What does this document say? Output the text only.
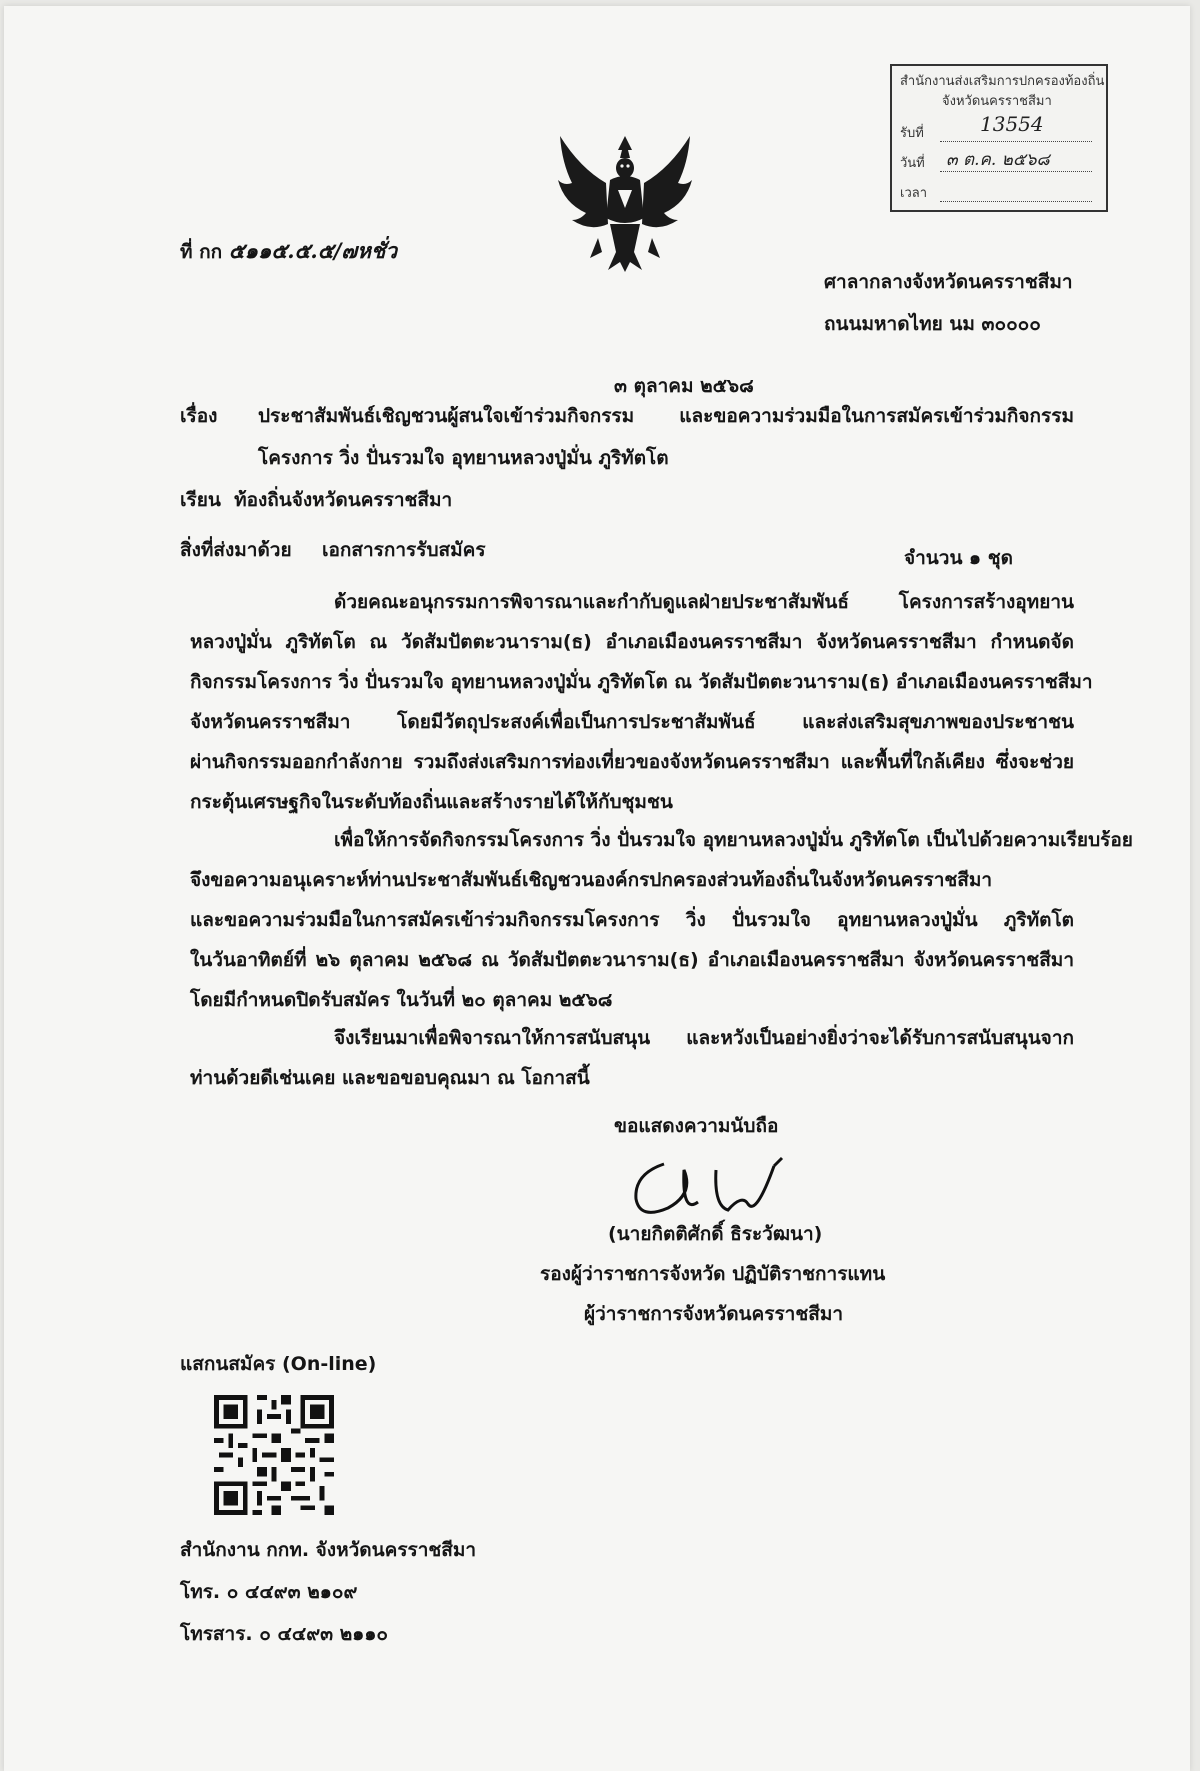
สำนักงานส่งเสริมการปกครองท้องถิ่น
จังหวัดนครราชสีมา
รับที่	13554
วันที่ ๓ ต.ค. ๒๕๖๘
เวลา
ที่ กก ๕๑๑๕.๕.๕/๗หชั่ว
ศาลากลางจังหวัดนครราชสีมา
ถนนมหาดไทย นม ๓๐๐๐๐
๓ ตุลาคม ๒๕๖๘
เรื่อง ประชาสัมพันธ์เชิญชวนผู้สนใจเข้าร่วมกิจกรรม และขอความร่วมมือในการสมัครเข้าร่วมกิจกรรม
โครงการ วิ่ง ปั่นรวมใจ อุทยานหลวงปู่มั่น ภูริทัตโต
เรียน ท้องถิ่นจังหวัดนครราชสีมา
สิ่งที่ส่งมาด้วย เอกสารการรับสมัคร	จำนวน ๑ ชุด
ด้วยคณะอนุกรรมการพิจารณาและกำกับดูแลฝ่ายประชาสัมพันธ์ โครงการสร้างอุทยาน
หลวงปู่มั่น ภูริทัตโต ณ วัดสัมปัตตะวนาราม(ธ) อำเภอเมืองนครราชสีมา จังหวัดนครราชสีมา กำหนดจัด
กิจกรรมโครงการ วิ่ง ปั่นรวมใจ อุทยานหลวงปู่มั่น ภูริทัตโต ณ วัดสัมปัตตะวนาราม(ธ) อำเภอเมืองนครราชสีมา
จังหวัดนครราชสีมา โดยมีวัตถุประสงค์เพื่อเป็นการประชาสัมพันธ์ และส่งเสริมสุขภาพของประชาชน
ผ่านกิจกรรมออกกำลังกาย รวมถึงส่งเสริมการท่องเที่ยวของจังหวัดนครราชสีมา และพื้นที่ใกล้เคียง ซึ่งจะช่วย
กระตุ้นเศรษฐกิจในระดับท้องถิ่นและสร้างรายได้ให้กับชุมชน
เพื่อให้การจัดกิจกรรมโครงการ วิ่ง ปั่นรวมใจ อุทยานหลวงปู่มั่น ภูริทัตโต เป็นไปด้วยความเรียบร้อย
จึงขอความอนุเคราะห์ท่านประชาสัมพันธ์เชิญชวนองค์กรปกครองส่วนท้องถิ่นในจังหวัดนครราชสีมา
และขอความร่วมมือในการสมัครเข้าร่วมกิจกรรมโครงการ วิ่ง ปั่นรวมใจ อุทยานหลวงปู่มั่น ภูริทัตโต
ในวันอาทิตย์ที่ ๒๖ ตุลาคม ๒๕๖๘ ณ วัดสัมปัตตะวนาราม(ธ) อำเภอเมืองนครราชสีมา จังหวัดนครราชสีมา
โดยมีกำหนดปิดรับสมัคร ในวันที่ ๒๐ ตุลาคม ๒๕๖๘
จึงเรียนมาเพื่อพิจารณาให้การสนับสนุน และหวังเป็นอย่างยิ่งว่าจะได้รับการสนับสนุนจาก
ท่านด้วยดีเช่นเคย และขอขอบคุณมา ณ โอกาสนี้
ขอแสดงความนับถือ
(นายกิตติศักดิ์ ธิระวัฒนา)
รองผู้ว่าราชการจังหวัด ปฏิบัติราชการแทน
ผู้ว่าราชการจังหวัดนครราชสีมา
แสกนสมัคร (On-line)
สำนักงาน กกท. จังหวัดนครราชสีมา
โทร. ๐ ๔๔๙๓ ๒๑๐๙
โทรสาร. ๐ ๔๔๙๓ ๒๑๑๐
